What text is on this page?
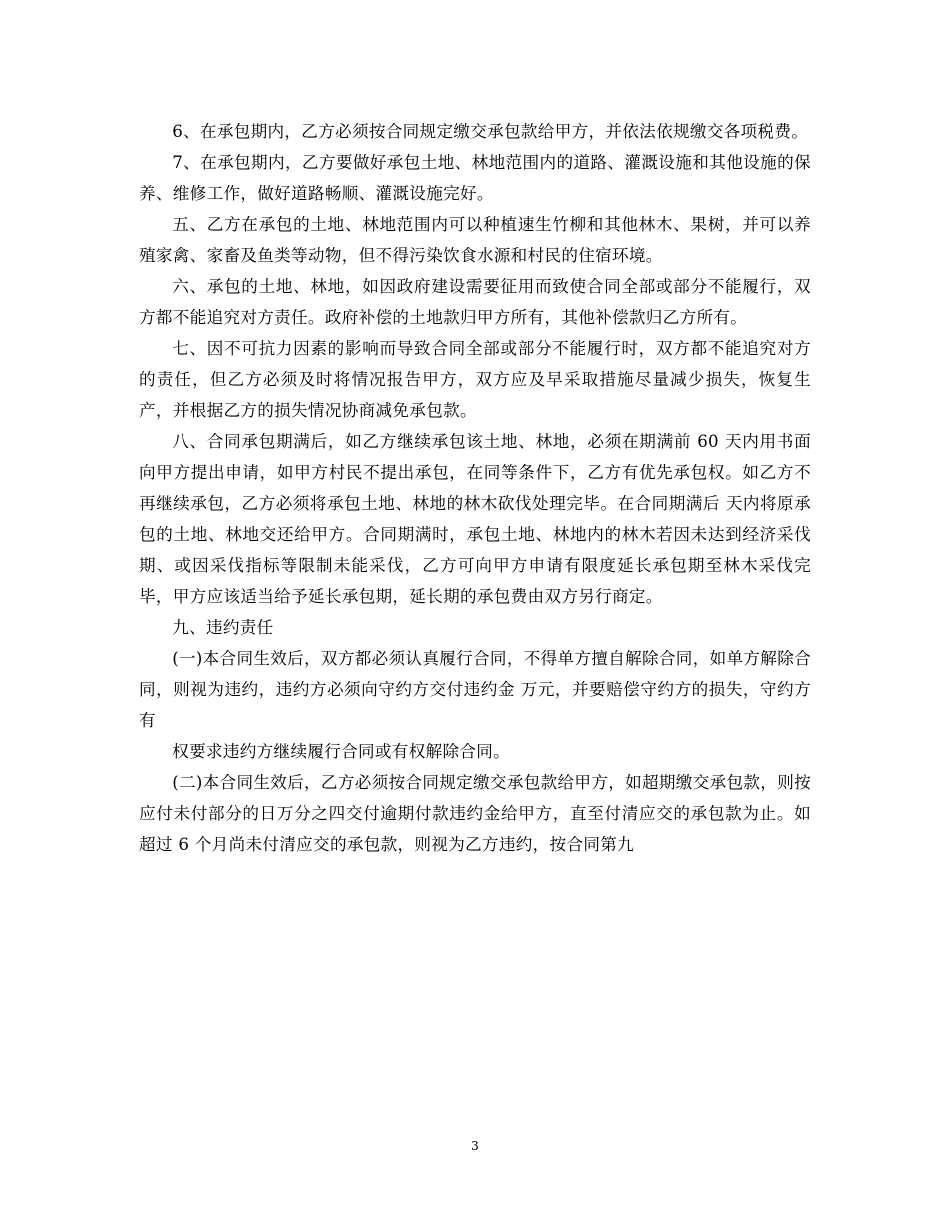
6、在承包期内，乙方必须按合同规定缴交承包款给甲方，并依法依规缴交各项税费。

7、在承包期内，乙方要做好承包土地、林地范围内的道路、灌溉设施和其他设施的保养、维修工作，做好道路畅顺、灌溉设施完好。

五、乙方在承包的土地、林地范围内可以种植速生竹柳和其他林木、果树，并可以养殖家禽、家畜及鱼类等动物，但不得污染饮食水源和村民的住宿环境。

六、承包的土地、林地，如因政府建设需要征用而致使合同全部或部分不能履行，双方都不能追究对方责任。政府补偿的土地款归甲方所有，其他补偿款归乙方所有。

七、因不可抗力因素的影响而导致合同全部或部分不能履行时，双方都不能追究对方的责任，但乙方必须及时将情况报告甲方，双方应及早采取措施尽量减少损失，恢复生产，并根据乙方的损失情况协商减免承包款。

八、合同承包期满后，如乙方继续承包该土地、林地，必须在期满前 60 天内用书面向甲方提出申请，如甲方村民不提出承包，在同等条件下，乙方有优先承包权。如乙方不再继续承包，乙方必须将承包土地、林地的林木砍伐处理完毕。在合同期满后 天内将原承包的土地、林地交还给甲方。合同期满时，承包土地、林地内的林木若因未达到经济采伐期、或因采伐指标等限制未能采伐，乙方可向甲方申请有限度延长承包期至林木采伐完毕，甲方应该适当给予延长承包期，延长期的承包费由双方另行商定。

九、违约责任

(一)本合同生效后，双方都必须认真履行合同，不得单方擅自解除合同，如单方解除合同，则视为违约，违约方必须向守约方交付违约金 万元，并要赔偿守约方的损失，守约方有

权要求违约方继续履行合同或有权解除合同。

(二)本合同生效后，乙方必须按合同规定缴交承包款给甲方，如超期缴交承包款，则按应付未付部分的日万分之四交付逾期付款违约金给甲方，直至付清应交的承包款为止。如超过 6 个月尚未付清应交的承包款，则视为乙方违约，按合同第九

3
